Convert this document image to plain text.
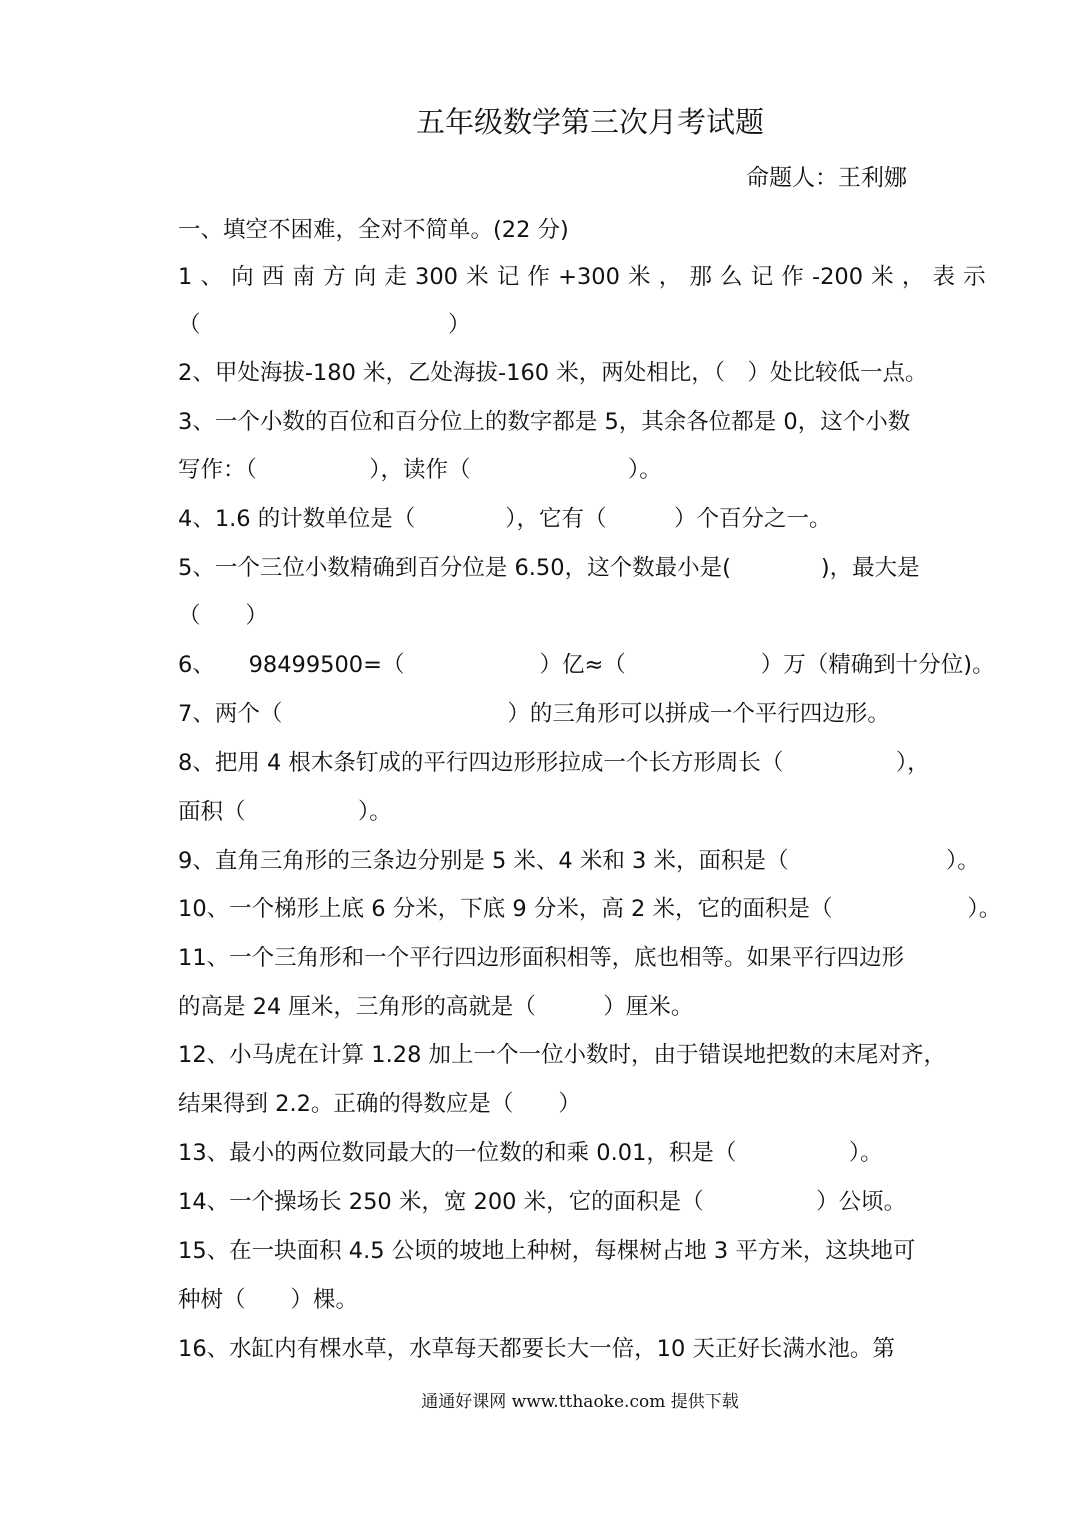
五年级数学第三次月考试题
命题人：王利娜
一、填空不困难，全对不简单。(22 分)
1 、 向 西 南 方 向 走 300 米 记 作 +300 米 ， 那 么 记 作 -200 米 ， 表 示
（　　　　　　　　　　　）
2、甲处海拔-180 米，乙处海拔-160 米，两处相比，（　）处比较低一点。
3、一个小数的百位和百分位上的数字都是 5，其余各位都是 0，这个小数
写作：（　　　　　），读作（　　　　　　　）。
4、1.6 的计数单位是（　　　　），它有（　　　）个百分之一。
5、一个三位小数精确到百分位是 6.50，这个数最小是(　　　　)，最大是
（　　）
6、　　98499500=（　　　　　　）亿≈（　　　　　　）万（精确到十分位)。
7、两个（　　　　　　　　　　）的三角形可以拼成一个平行四边形。
8、把用 4 根木条钉成的平行四边形形拉成一个长方形周长（　　　　　），
面积（　　　　　）。
9、直角三角形的三条边分别是 5 米、4 米和 3 米，面积是（　　　　　　　）。
10、一个梯形上底 6 分米，下底 9 分米，高 2 米，它的面积是（　　　　　　）。
11、一个三角形和一个平行四边形面积相等，底也相等。如果平行四边形
的高是 24 厘米，三角形的高就是（　　　）厘米。
12、小马虎在计算 1.28 加上一个一位小数时，由于错误地把数的末尾对齐，
结果得到 2.2。正确的得数应是（　　）
13、最小的两位数同最大的一位数的和乘 0.01，积是（　　　　　）。
14、一个操场长 250 米，宽 200 米，它的面积是（　　　　　）公顷。
15、在一块面积 4.5 公顷的坡地上种树，每棵树占地 3 平方米，这块地可
种树（　　）棵。
16、水缸内有棵水草，水草每天都要长大一倍，10 天正好长满水池。第
通通好课网 www.tthaoke.com 提供下载
